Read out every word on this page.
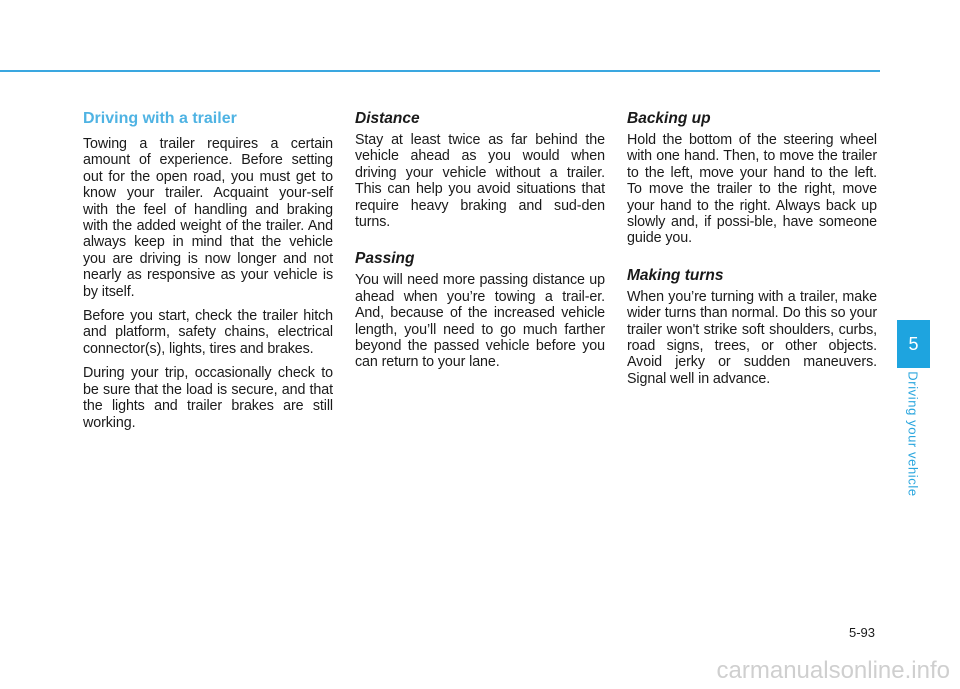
Driving with a trailer

Towing a trailer requires a certain amount of experience. Before setting out for the open road, you must get to know your trailer. Acquaint your-self with the feel of handling and braking with the added weight of the trailer. And always keep in mind that the vehicle you are driving is now longer and not nearly as responsive as your vehicle is by itself.

Before you start, check the trailer hitch and platform, safety chains, electrical connector(s), lights, tires and brakes.

During your trip, occasionally check to be sure that the load is secure, and that the lights and trailer brakes are still working.

Distance

Stay at least twice as far behind the vehicle ahead as you would when driving your vehicle without a trailer. This can help you avoid situations that require heavy braking and sud-den turns.

Passing

You will need more passing distance up ahead when you’re towing a trail-er. And, because of the increased vehicle length, you’ll need to go much farther beyond the passed vehicle before you can return to your lane.

Backing up

Hold the bottom of the steering wheel with one hand. Then, to move the trailer to the left, move your hand to the left. To move the trailer to the right, move your hand to the right. Always back up slowly and, if possi-ble, have someone guide you.

Making turns

When you’re turning with a trailer, make wider turns than normal. Do this so your trailer won't strike soft shoulders, curbs, road signs, trees, or other objects. Avoid jerky or sudden maneuvers. Signal well in advance.

5
Driving your vehicle
5-93
carmanualsonline.info
